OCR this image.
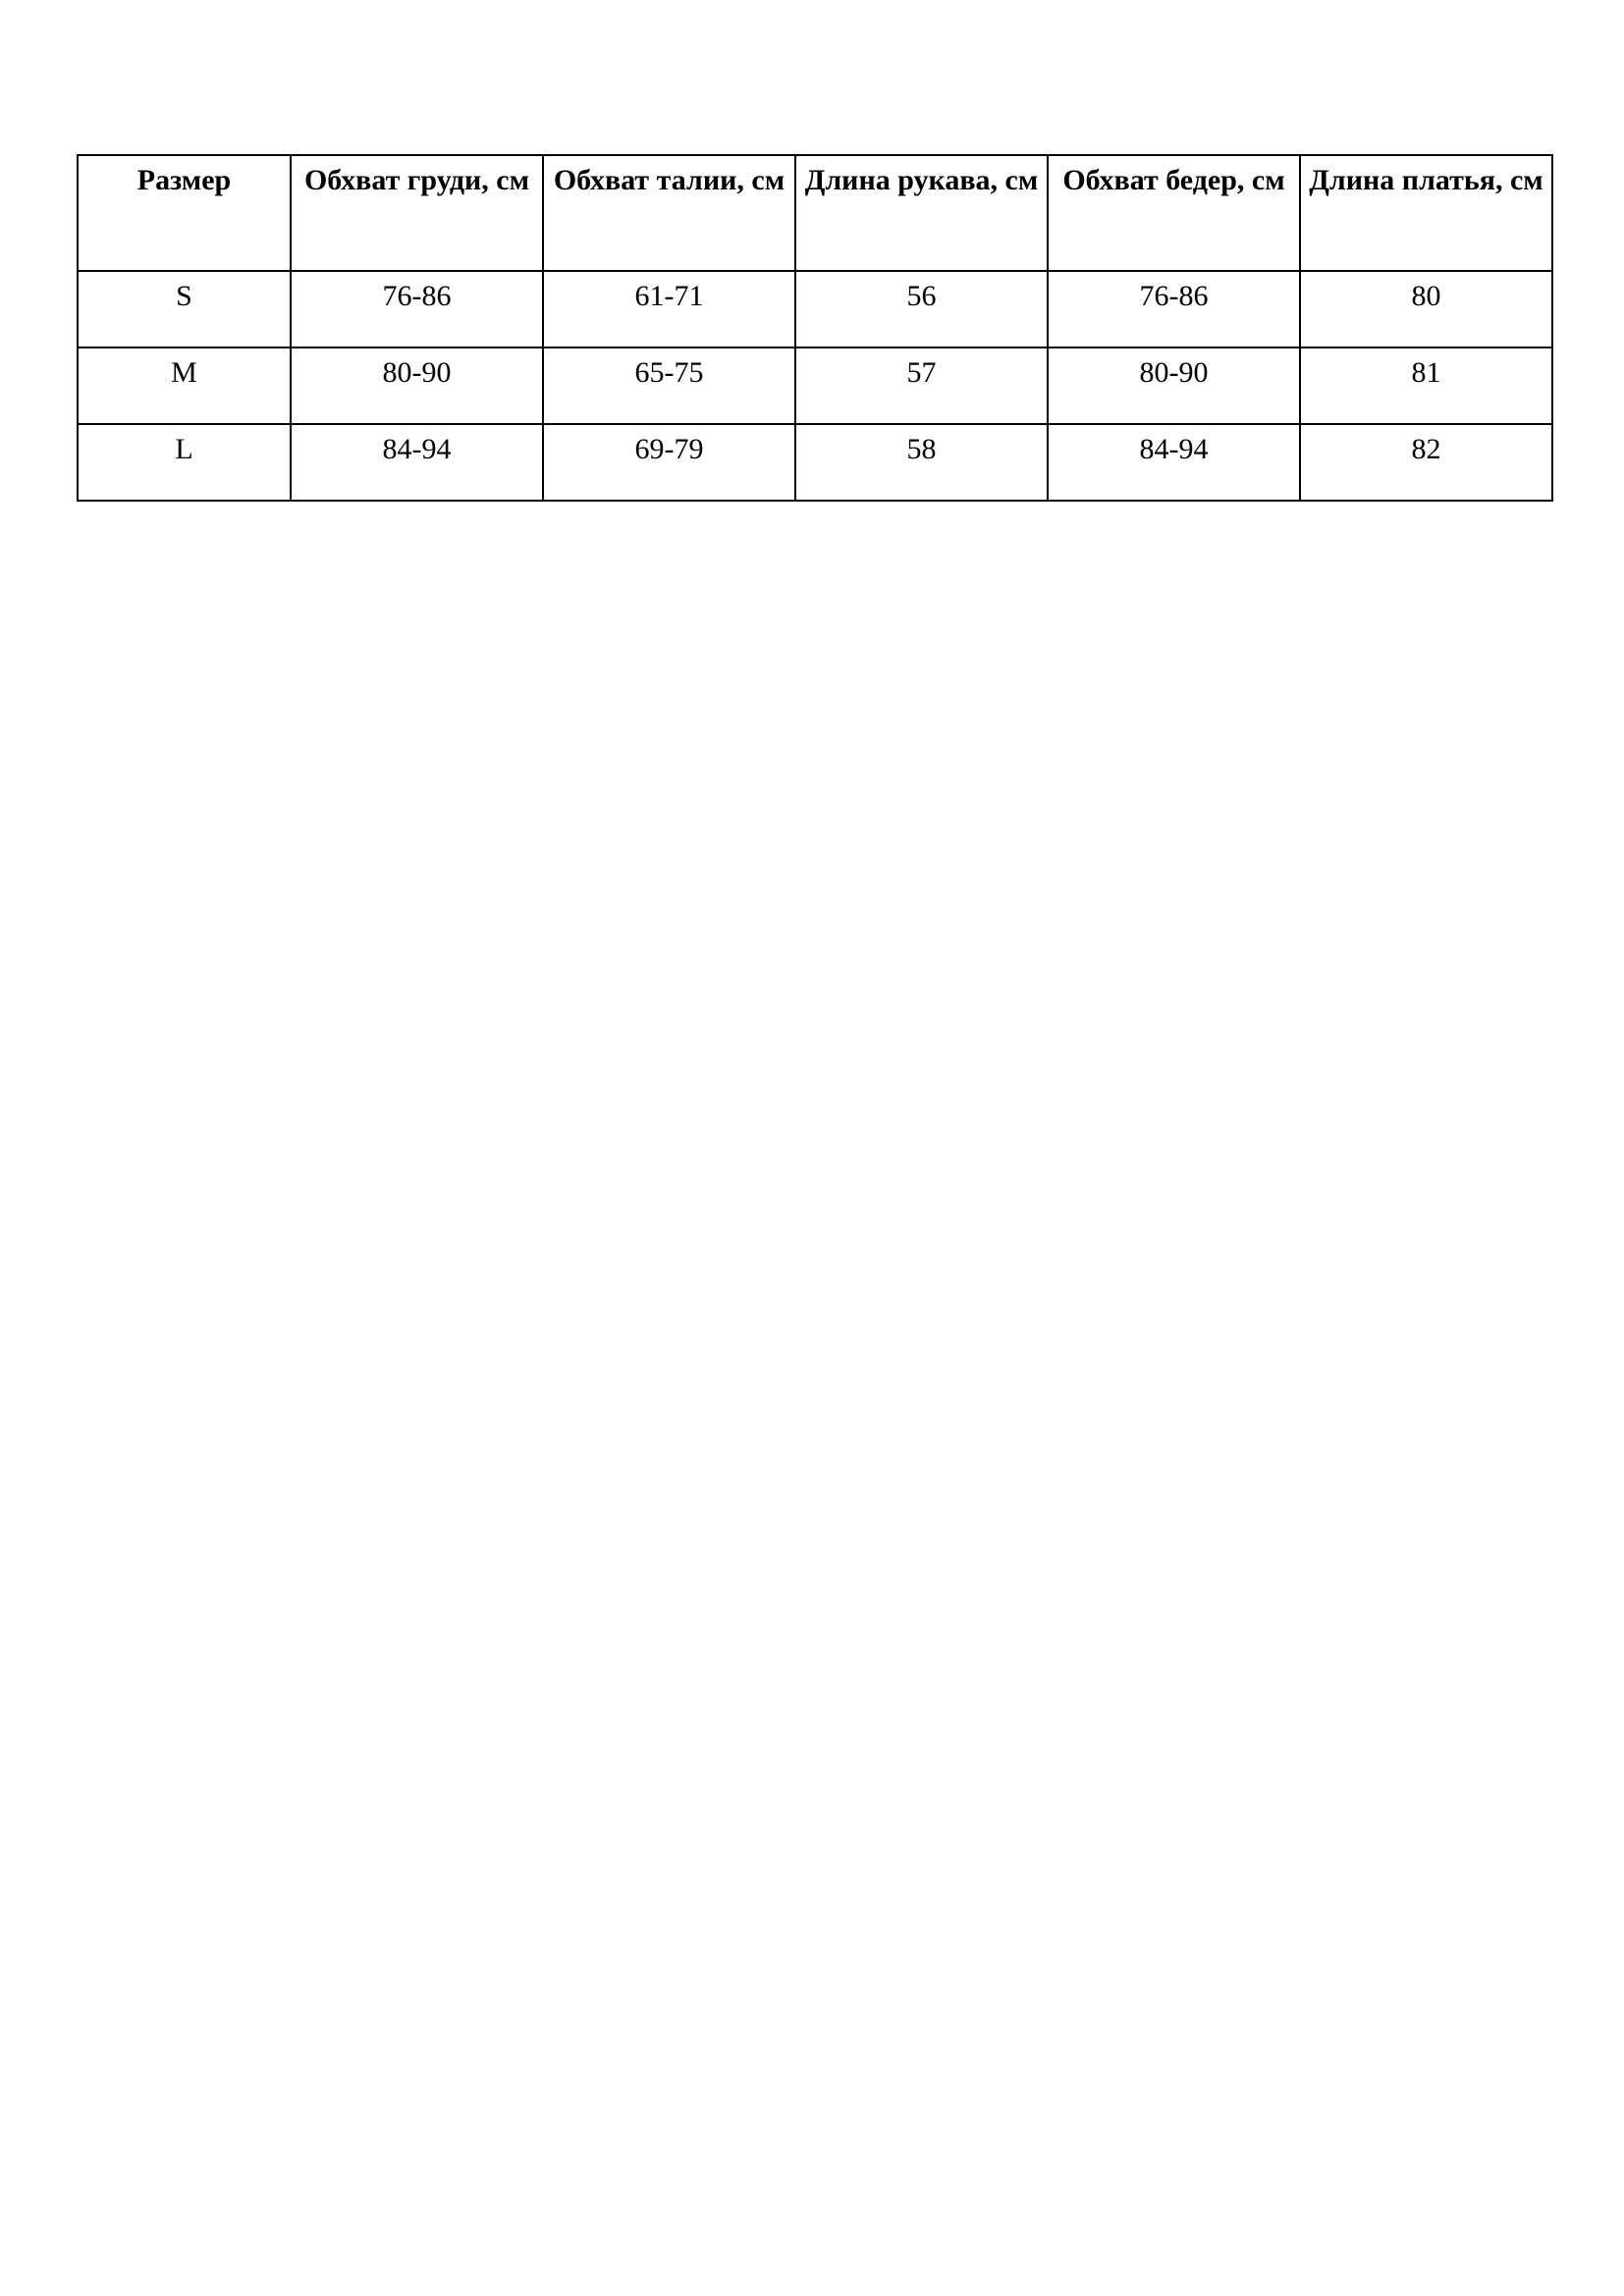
Размер	Обхват груди, см	Обхват талии, см	Длина рукава, см	Обхват бедер, см	Длина платья, см
S	76-86	61-71	56	76-86	80
M	80-90	65-75	57	80-90	81
L	84-94	69-79	58	84-94	82
